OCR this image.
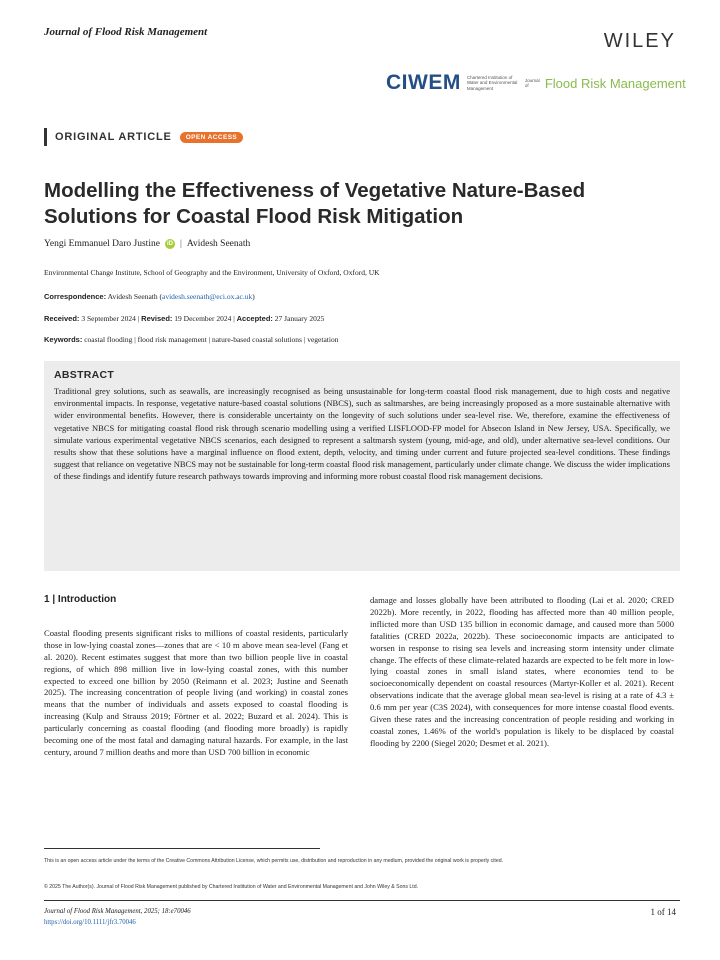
Journal of Flood Risk Management	WILEY
CIWEM Chartered Institution of Water and Environmental Management
Journal of	Flood Risk Management
ORIGINAL ARTICLE	OPEN ACCESS
Modelling the Effectiveness of Vegetative Nature-Based Solutions for Coastal Flood Risk Mitigation
Yengi Emmanuel Daro Justine	iD | Avidesh Seenath
Environmental Change Institute, School of Geography and the Environment, University of Oxford, Oxford, UK
Correspondence: Avidesh Seenath (avidesh.seenath@eci.ox.ac.uk)
Received: 3 September 2024 | Revised: 19 December 2024 | Accepted: 27 January 2025
Keywords: coastal flooding | flood risk management | nature-based coastal solutions | vegetation
ABSTRACT

Traditional grey solutions, such as seawalls, are increasingly recognised as being unsustainable for long-term coastal flood risk management, due to high costs and negative environmental impacts. In response, vegetative nature-based coastal solutions (NBCS), such as saltmarshes, are being increasingly proposed as a more sustainable alternative with wider environmental benefits. However, there is considerable uncertainty on the longevity of such solutions under sea-level rise. We, therefore, examine the effectiveness of vegetative NBCS for mitigating coastal flood risk through scenario modelling using a verified LISFLOOD-FP model for Absecon Island in New Jersey, USA. Specifically, we simulate various experimental vegetative NBCS scenarios, each designed to represent a saltmarsh system (young, mid-age, and old), under alternative sea-level conditions. Our results show that these solutions have a marginal influence on flood extent, depth, velocity, and timing under current and future projected sea-level conditions. These findings suggest that reliance on vegetative NBCS may not be sustainable for long-term coastal flood risk management, particularly under climate change. We discuss the wider implications of these findings and identify future research pathways towards improving and informing more robust coastal flood risk management decisions.

1 | Introduction

Coastal flooding presents significant risks to millions of coastal residents, particularly those in low-lying coastal zones—zones that are < 10 m above mean sea-level (Fang et al. 2020). Recent estimates suggest that more than two billion people live in coastal regions, of which 898 million live in low-lying coastal zones, with this number expected to exceed one billion by 2050 (Reimann et al. 2023; Justine and Seenath 2025). The increasing concentration of people living (and working) in coastal zones means that the number of individuals and assets exposed to coastal flooding is increasing (Kulp and Strauss 2019; Förtner et al. 2022; Buzard et al. 2024). This is particularly concerning as coastal flooding (and flooding more broadly) is rapidly becoming one of the most fatal and damaging natural hazards. For example, in the last century, around 7 million deaths and more than USD 700 billion in economic

damage and losses globally have been attributed to flooding (Lai et al. 2020; CRED 2022b). More recently, in 2022, flooding has affected more than 40 million people, inflicted more than USD 135 billion in economic damage, and caused more than 5000 fatalities (CRED 2022a, 2022b). These socioeconomic impacts are anticipated to worsen in response to rising sea levels and increasing storm intensity under climate change. The effects of these climate-related hazards are expected to be felt more in low-lying coastal zones in small island states, where economies tend to be socioeconomically dependent on coastal resources (Martyr-Koller et al. 2021). Recent observations indicate that the average global mean sea-level is rising at a rate of 4.3 ± 0.6 mm per year (C3S 2024), with consequences for more intense coastal flood events. Given these rates and the increasing concentration of people residing and working in coastal zones, 1.46% of the world's population is likely to be displaced by coastal flooding by 2200 (Siegel 2020; Desmet et al. 2021).

This is an open access article under the terms of the Creative Commons Attribution License, which permits use, distribution and reproduction in any medium, provided the original work is properly cited.
© 2025 The Author(s). Journal of Flood Risk Management published by Chartered Institution of Water and Environmental Management and John Wiley & Sons Ltd.
Journal of Flood Risk Management, 2025; 18:e70046
https://doi.org/10.1111/jfr3.70046
1 of 14
